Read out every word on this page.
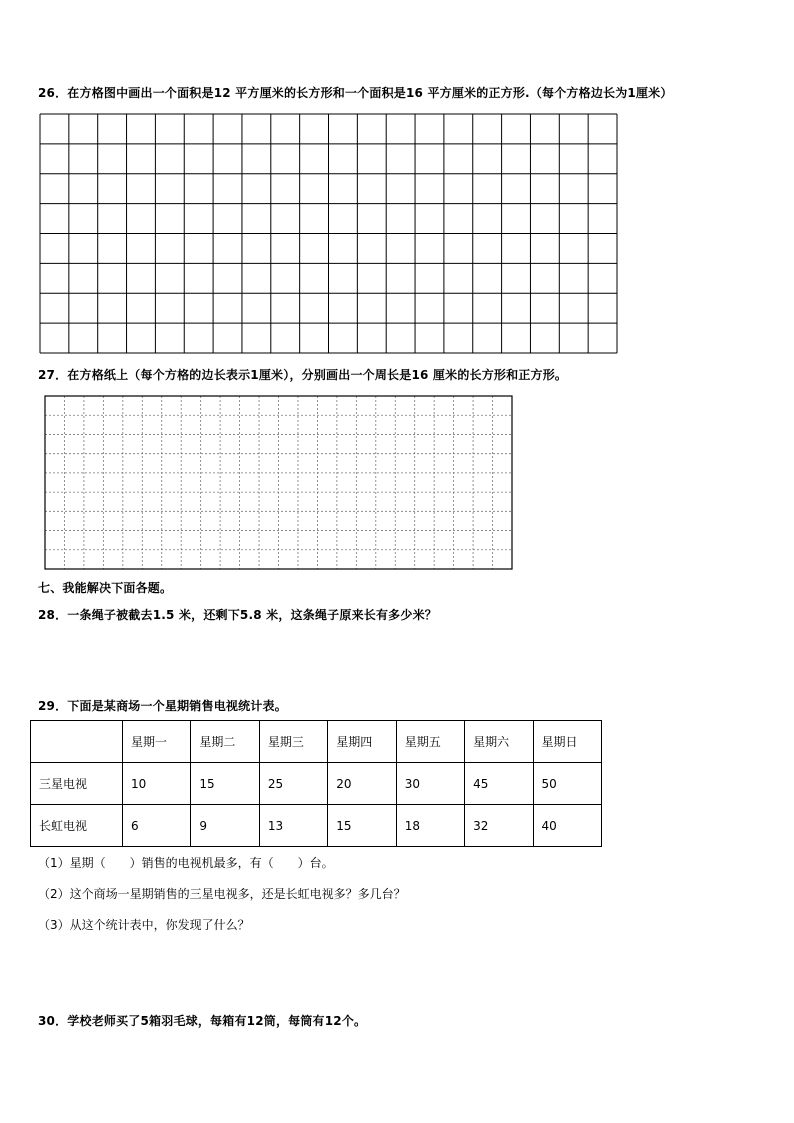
26．在方格图中画出一个面积是12 平方厘米的长方形和一个面积是16 平方厘米的正方形.（每个方格边长为1厘米）
27．在方格纸上（每个方格的边长表示1厘米），分别画出一个周长是16 厘米的长方形和正方形。
七、我能解决下面各题。
28．一条绳子被截去1.5 米，还剩下5.8 米，这条绳子原来长有多少米？
29．下面是某商场一个星期销售电视统计表。
	星期一	星期二	星期三	星期四	星期五	星期六	星期日
三星电视	10	15	25	20	30	45	50
长虹电视	6	9	13	15	18	32	40
（1）星期（　　）销售的电视机最多，有（　　）台。
（2）这个商场一星期销售的三星电视多，还是长虹电视多？多几台？
（3）从这个统计表中，你发现了什么？
30．学校老师买了5箱羽毛球，每箱有12筒，每筒有12个。
